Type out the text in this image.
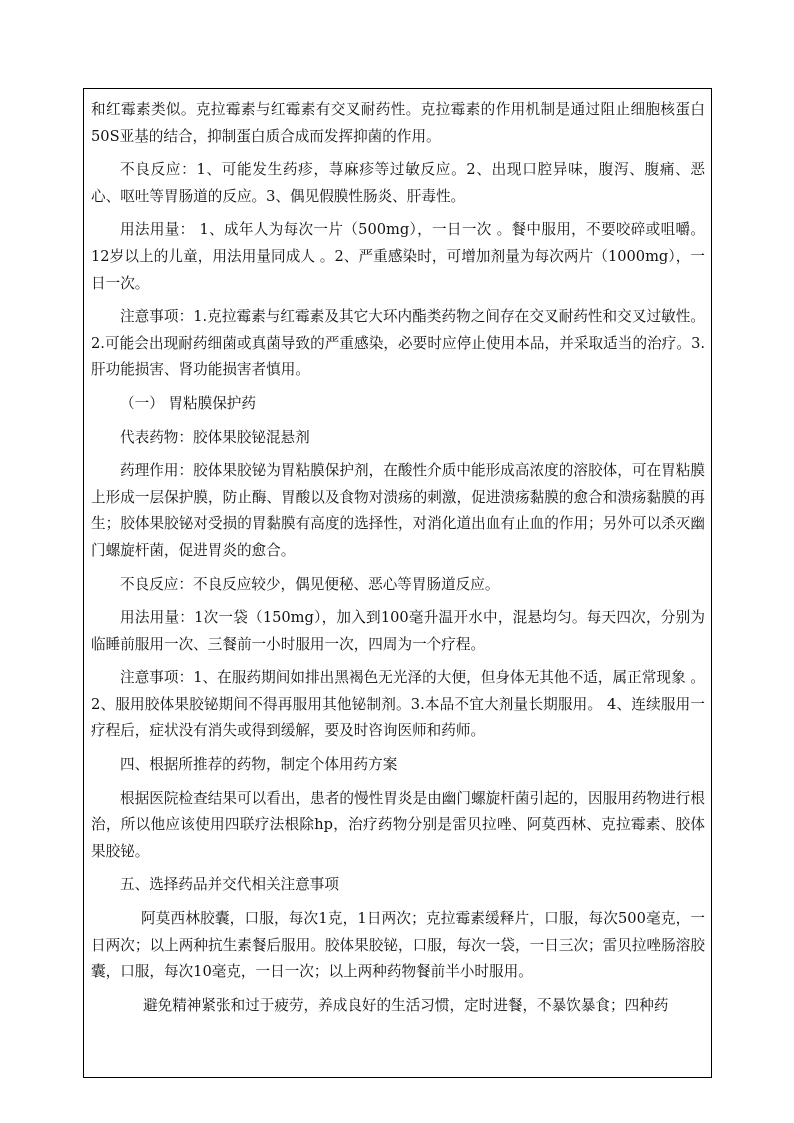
和红霉素类似。克拉霉素与红霉素有交叉耐药性。克拉霉素的作用机制是通过阻止细胞核蛋白50S亚基的结合，抑制蛋白质合成而发挥抑菌的作用。

不良反应：1、可能发生药疹，荨麻疹等过敏反应。2、出现口腔异味，腹泻、腹痛、恶心、呕吐等胃肠道的反应。3、偶见假膜性肠炎、肝毒性。

用法用量： 1、成年人为每次一片（500mg），一日一次 。餐中服用，不要咬碎或咀嚼。12岁以上的儿童，用法用量同成人 。2、严重感染时，可增加剂量为每次两片（1000mg），一日一次。

注意事项：1.克拉霉素与红霉素及其它大环内酯类药物之间存在交叉耐药性和交叉过敏性。2.可能会出现耐药细菌或真菌导致的严重感染，必要时应停止使用本品，并采取适当的治疗。3.肝功能损害、肾功能损害者慎用。

（一） 胃粘膜保护药

代表药物：胶体果胶铋混悬剂

药理作用：胶体果胶铋为胃粘膜保护剂，在酸性介质中能形成高浓度的溶胶体，可在胃粘膜上形成一层保护膜，防止酶、胃酸以及食物对溃疡的刺激，促进溃疡黏膜的愈合和溃疡黏膜的再生；胶体果胶铋对受损的胃黏膜有高度的选择性，对消化道出血有止血的作用；另外可以杀灭幽门螺旋杆菌，促进胃炎的愈合。

不良反应：不良反应较少，偶见便秘、恶心等胃肠道反应。

用法用量：1次一袋（150mg），加入到100毫升温开水中，混悬均匀。每天四次，分别为临睡前服用一次、三餐前一小时服用一次，四周为一个疗程。

注意事项：1、在服药期间如排出黑褐色无光泽的大便，但身体无其他不适，属正常现象 。2、服用胶体果胶铋期间不得再服用其他铋制剂。3.本品不宜大剂量长期服用。 4、连续服用一疗程后，症状没有消失或得到缓解，要及时咨询医师和药师。

四、根据所推荐的药物，制定个体用药方案

根据医院检查结果可以看出，患者的慢性胃炎是由幽门螺旋杆菌引起的，因服用药物进行根治，所以他应该使用四联疗法根除hp，治疗药物分别是雷贝拉唑、阿莫西林、克拉霉素、胶体果胶铋。

五、选择药品并交代相关注意事项

阿莫西林胶囊，口服，每次1克，1日两次；克拉霉素缓释片，口服，每次500毫克，一日两次；以上两种抗生素餐后服用。胶体果胶铋，口服，每次一袋，一日三次；雷贝拉唑肠溶胶囊，口服，每次10毫克，一日一次；以上两种药物餐前半小时服用。

避免精神紧张和过于疲劳，养成良好的生活习惯，定时进餐，不暴饮暴食；四种药
